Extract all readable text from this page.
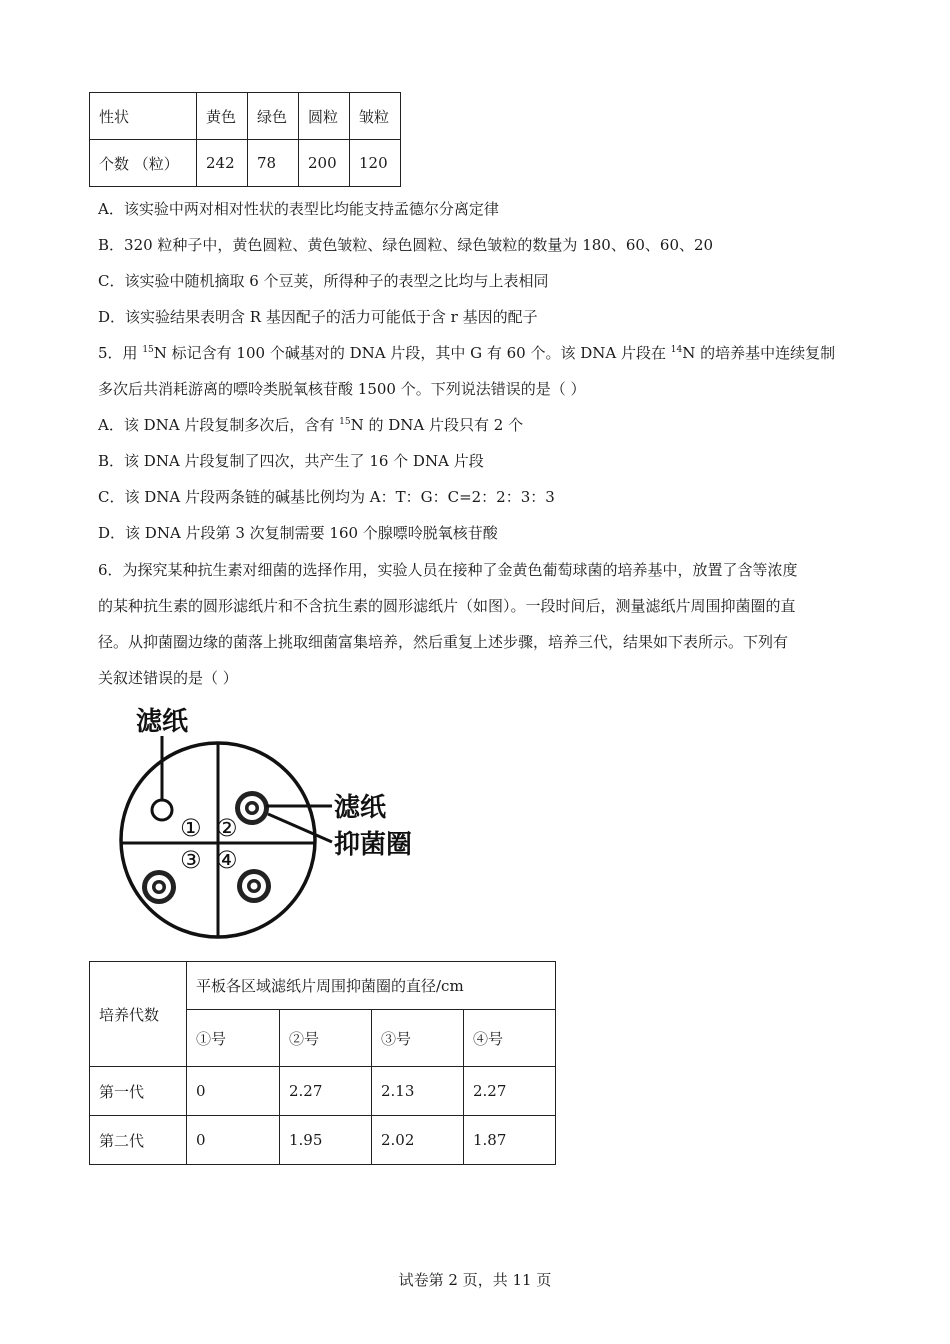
性状	黄色	绿色	圆粒	皱粒
个数 （粒）	242	78	200	120
A．该实验中两对相对性状的表型比均能支持孟德尔分离定律
B．320 粒种子中，黄色圆粒、黄色皱粒、绿色圆粒、绿色皱粒的数量为 180、60、60、20
C．该实验中随机摘取 6 个豆荚，所得种子的表型之比均与上表相同
D．该实验结果表明含 R 基因配子的活力可能低于含 r 基因的配子
5．用 $^{15}$N 标记含有 100 个碱基对的 DNA 片段，其中 G 有 60 个。该 DNA 片段在 $^{14}$N 的培养基中连续复制
多次后共消耗游离的嘌呤类脱氧核苷酸 1500 个。下列说法错误的是（ ）
A．该 DNA 片段复制多次后，含有 $^{15}$N 的 DNA 片段只有 2 个
B．该 DNA 片段复制了四次，共产生了 16 个 DNA 片段
C．该 DNA 片段两条链的碱基比例均为 A：T：G：C=2：2：3：3
D．该 DNA 片段第 3 次复制需要 160 个腺嘌呤脱氧核苷酸
6．为探究某种抗生素对细菌的选择作用，实验人员在接种了金黄色葡萄球菌的培养基中，放置了含等浓度
的某种抗生素的圆形滤纸片和不含抗生素的圆形滤纸片（如图）。一段时间后，测量滤纸片周围抑菌圈的直
径。从抑菌圈边缘的菌落上挑取细菌富集培养，然后重复上述步骤，培养三代，结果如下表所示。下列有
关叙述错误的是（ ）
滤纸
滤纸
抑菌圈
① ②
③ ④
培养代数	平板各区域滤纸片周围抑菌圈的直径/cm			
	①号	②号	③号	④号
第一代	0	2.27	2.13	2.27
第二代	0	1.95	2.02	1.87
试卷第 2 页，共 11 页
